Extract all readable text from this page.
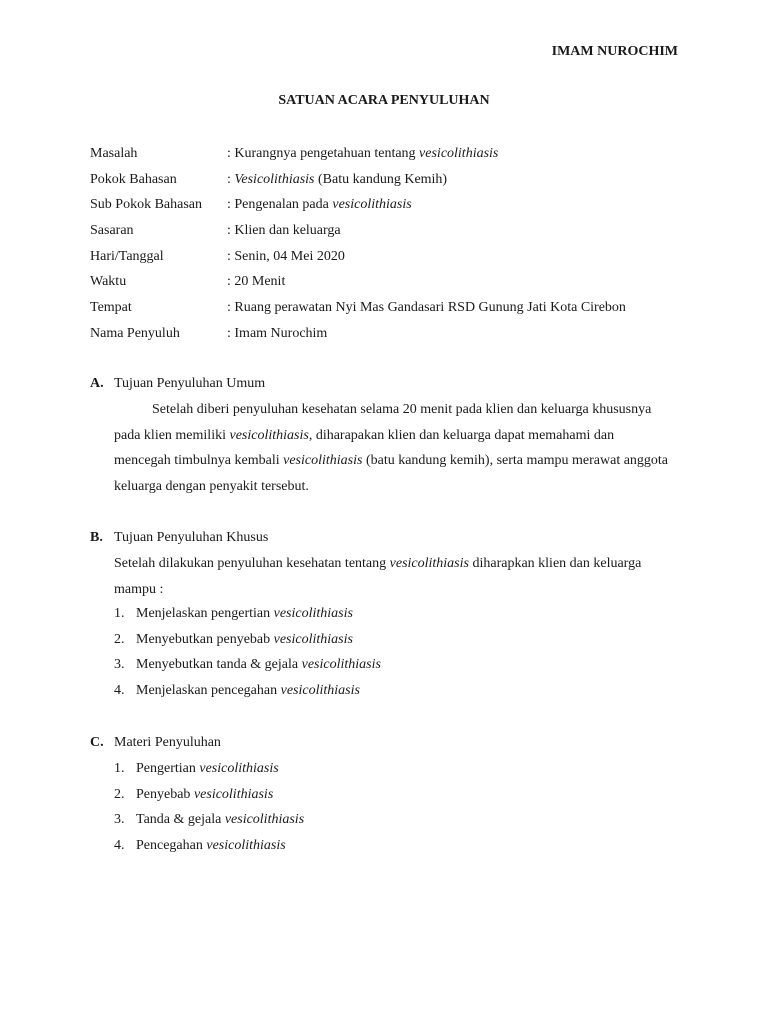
IMAM NUROCHIM
SATUAN ACARA PENYULUHAN
Masalah	: Kurangnya pengetahuan tentang vesicolithiasis
Pokok Bahasan	: Vesicolithiasis (Batu kandung Kemih)
Sub Pokok Bahasan	: Pengenalan pada vesicolithiasis
Sasaran	: Klien dan keluarga
Hari/Tanggal	: Senin, 04 Mei 2020
Waktu	: 20 Menit
Tempat	: Ruang perawatan Nyi Mas Gandasari RSD Gunung Jati Kota Cirebon
Nama Penyuluh	: Imam Nurochim
A. Tujuan Penyuluhan Umum
Setelah diberi penyuluhan kesehatan selama 20 menit pada klien dan keluarga khususnya pada klien memiliki vesicolithiasis, diharapakan klien dan keluarga dapat memahami dan mencegah timbulnya kembali vesicolithiasis (batu kandung kemih), serta mampu merawat anggota keluarga dengan penyakit tersebut.
B. Tujuan Penyuluhan Khusus
Setelah dilakukan penyuluhan kesehatan tentang vesicolithiasis diharapkan klien dan keluarga mampu :
1. Menjelaskan pengertian
vesicolithiasis
2. Menyebutkan penyebab
vesicolithiasis
3. Menyebutkan tanda & gejala
vesicolithiasis
4. Menjelaskan pencegahan
vesicolithiasis
C. Materi Penyuluhan
1. Pengertian
vesicolithiasis
2. Penyebab
vesicolithiasis
3. Tanda & gejala
vesicolithiasis
4. Pencegahan
vesicolithiasis
